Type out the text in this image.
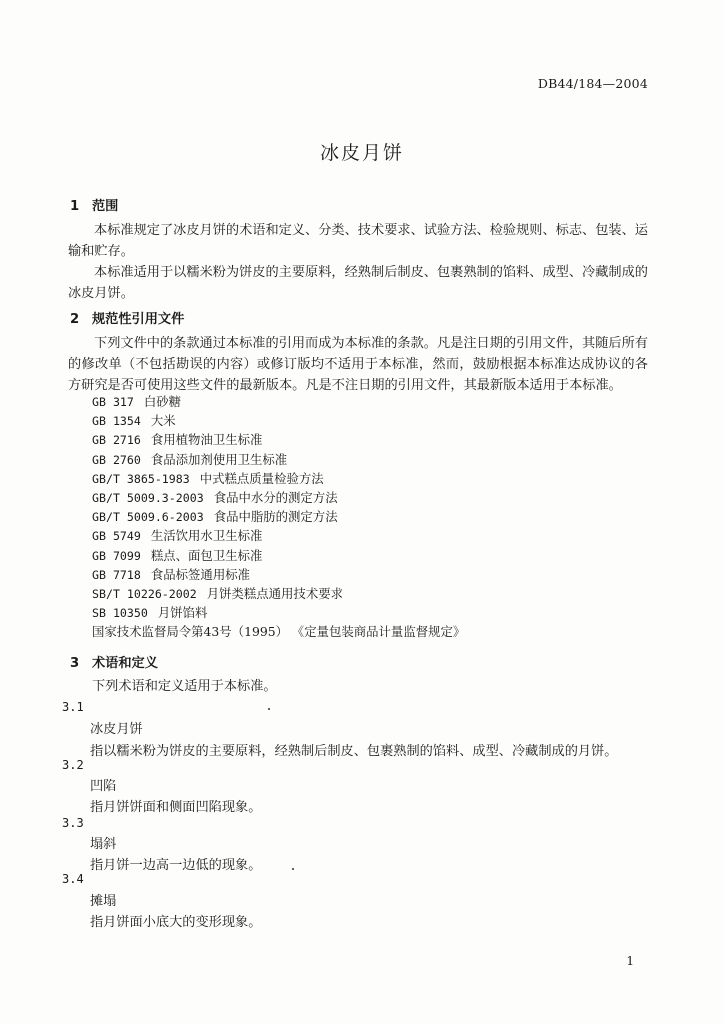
DB44/184—2004
冰皮月饼
1 范围
本标准规定了冰皮月饼的术语和定义、分类、技术要求、试验方法、检验规则、标志、包装、运输和贮存。
本标准适用于以糯米粉为饼皮的主要原料，经熟制后制皮、包裹熟制的馅料、成型、冷藏制成的冰皮月饼。
2 规范性引用文件
下列文件中的条款通过本标准的引用而成为本标准的条款。凡是注日期的引用文件，其随后所有的修改单（不包括勘误的内容）或修订版均不适用于本标准，然而，鼓励根据本标准达成协议的各方研究是否可使用这些文件的最新版本。凡是不注日期的引用文件，其最新版本适用于本标准。
GB 317 白砂糖
GB 1354 大米
GB 2716 食用植物油卫生标准
GB 2760 食品添加剂使用卫生标准
GB/T 3865-1983 中式糕点质量检验方法
GB/T 5009.3-2003 食品中水分的测定方法
GB/T 5009.6-2003 食品中脂肪的测定方法
GB 5749 生活饮用水卫生标准
GB 7099 糕点、面包卫生标准
GB 7718 食品标签通用标准
SB/T 10226-2002 月饼类糕点通用技术要求
SB 10350 月饼馅料
国家技术监督局令第43号（1995） 《定量包装商品计量监督规定》
3 术语和定义
下列术语和定义适用于本标准。
3.1
冰皮月饼
指以糯米粉为饼皮的主要原料，经熟制后制皮、包裹熟制的馅料、成型、冷藏制成的月饼。
3.2
凹陷
指月饼饼面和侧面凹陷现象。
3.3
塌斜
指月饼一边高一边低的现象。
3.4
摊塌
指月饼面小底大的变形现象。
1
